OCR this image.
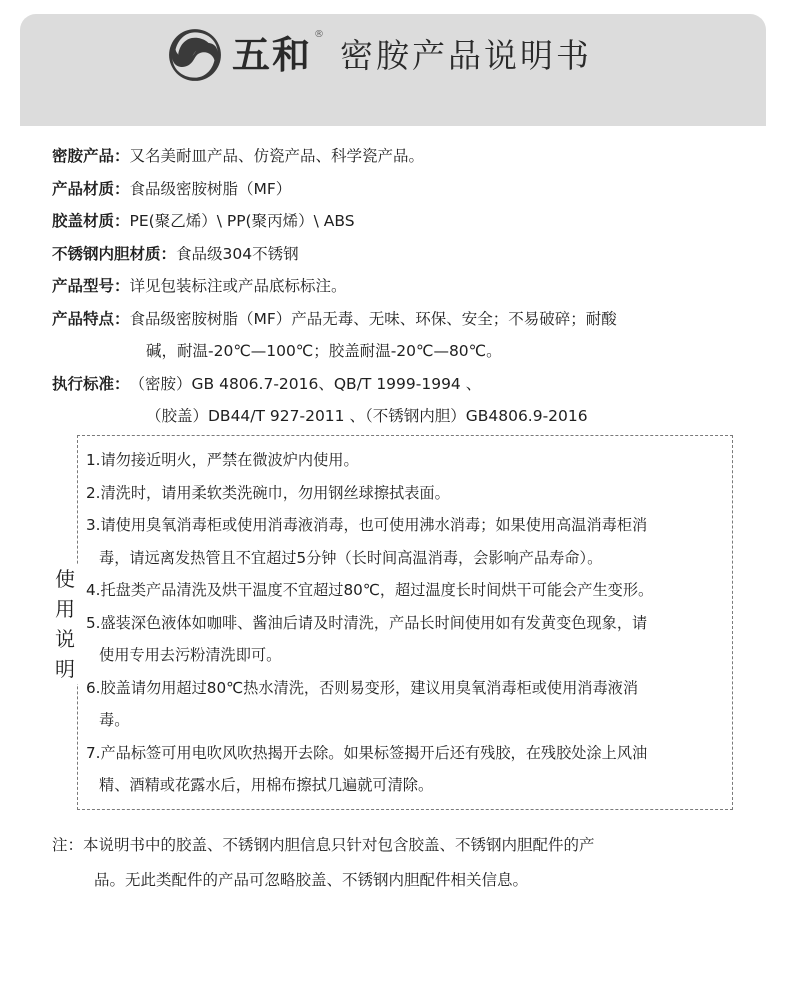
五和 ®
密胺产品说明书
密胺产品： 又名美耐皿产品、仿瓷产品、科学瓷产品。
产品材质： 食品级密胺树脂（MF）
胶盖材质： PE(聚乙烯）\ PP(聚丙烯）\ ABS
不锈钢内胆材质： 食品级304不锈钢
产品型号： 详见包装标注或产品底标标注。
产品特点： 食品级密胺树脂（MF）产品无毒、无味、环保、安全；不易破碎；耐酸
碱，耐温-20℃—100℃；胶盖耐温-20℃—80℃。
执行标准： （密胺）GB 4806.7-2016、QB/T 1999-1994 、
（胶盖）DB44/T 927-2011 、（不锈钢内胆）GB4806.9-2016
使
用
说
明
1.请勿接近明火，严禁在微波炉内使用。
2.清洗时，请用柔软类洗碗巾，勿用钢丝球擦拭表面。
3.请使用臭氧消毒柜或使用消毒液消毒，也可使用沸水消毒；如果使用高温消毒柜消
毒，请远离发热管且不宜超过5分钟（长时间高温消毒，会影响产品寿命）。
4.托盘类产品清洗及烘干温度不宜超过80℃，超过温度长时间烘干可能会产生变形。
5.盛装深色液体如咖啡、酱油后请及时清洗，产品长时间使用如有发黄变色现象，请
使用专用去污粉清洗即可。
6.胶盖请勿用超过80℃热水清洗，否则易变形，建议用臭氧消毒柜或使用消毒液消
毒。
7.产品标签可用电吹风吹热揭开去除。如果标签揭开后还有残胶，在残胶处涂上风油
精、酒精或花露水后，用棉布擦拭几遍就可清除。
注：本说明书中的胶盖、不锈钢内胆信息只针对包含胶盖、不锈钢内胆配件的产
品。无此类配件的产品可忽略胶盖、不锈钢内胆配件相关信息。
